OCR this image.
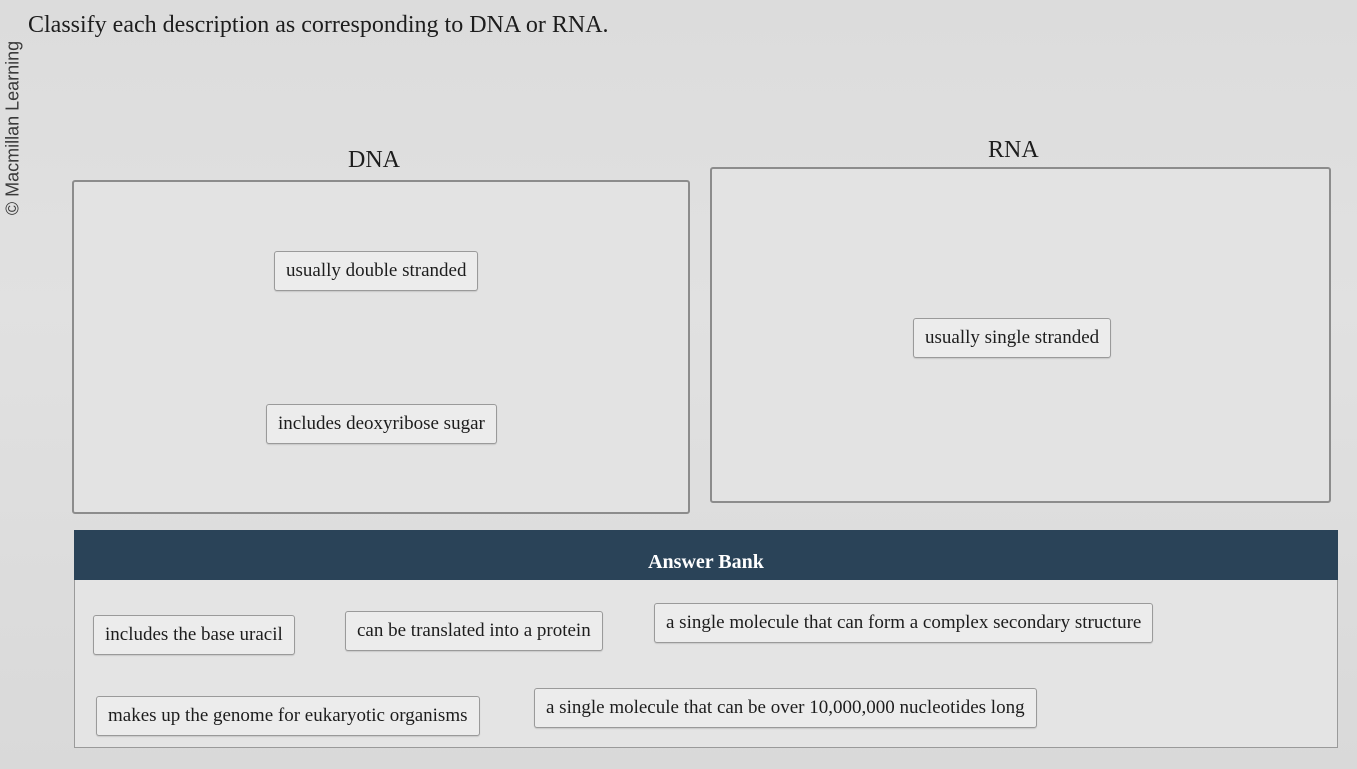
© Macmillan Learning
Classify each description as corresponding to DNA or RNA.
DNA	RNA
usually double stranded
includes deoxyribose sugar
usually single stranded
Answer Bank
includes the base uracil	can be translated into a protein	a single molecule that can form a complex secondary structure
makes up the genome for eukaryotic organisms	a single molecule that can be over 10,000,000 nucleotides long
